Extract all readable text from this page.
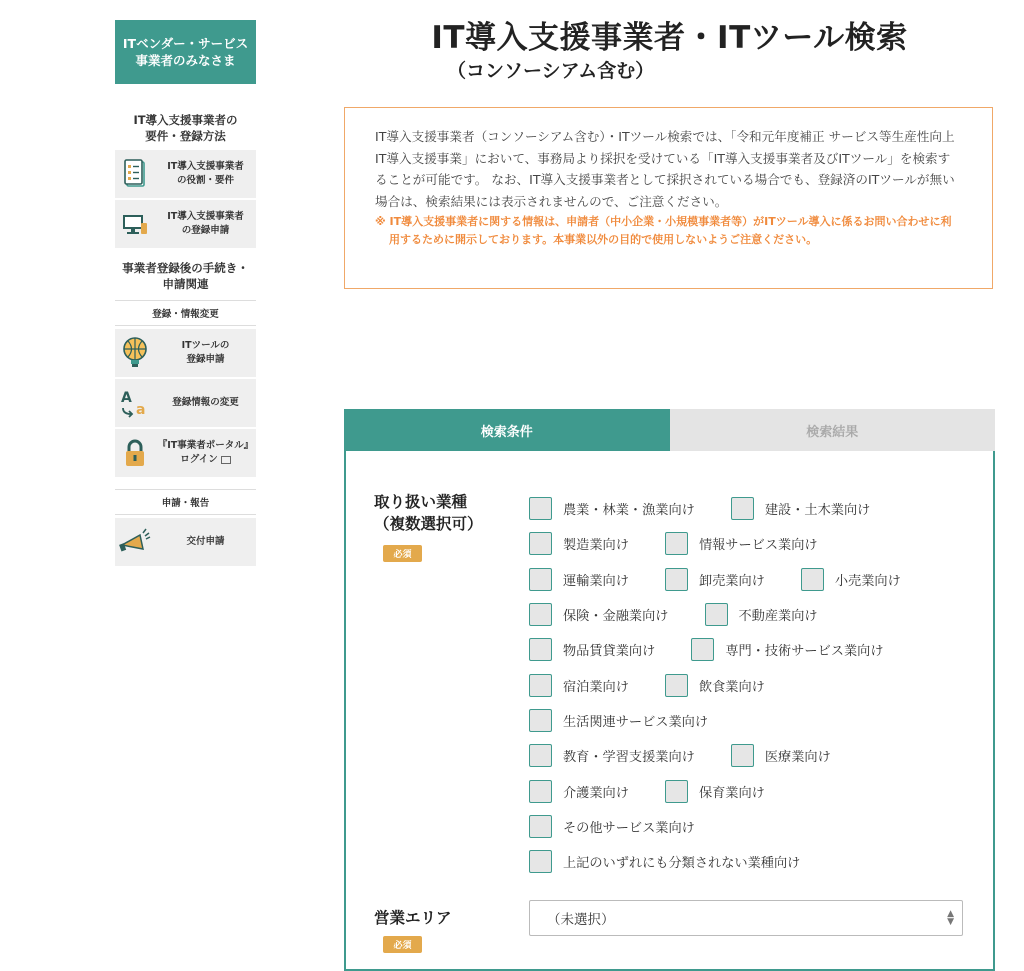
ITベンダー・サービス
事業者のみなさま
IT導入支援事業者の
要件・登録方法
IT導入支援事業者
の役割・要件
IT導入支援事業者
の登録申請
事業者登録後の手続き・
申請関連
登録・情報変更
ITツールの
登録申請
A
a	登録情報の変更
『IT事業者ポータル』
ログイン
申請・報告
交付申請
IT導入支援事業者・ITツール検索
（コンソーシアム含む）
IT導入支援事業者（コンソーシアム含む）・ITツール検索では、「令和元年度補正 サービス等生産性向上IT導入支援事業」において、事務局より採択を受けている「IT導入支援事業者及びITツール」を検索することが可能です。 なお、IT導入支援事業者として採択されている場合でも、登録済のITツールが無い場合は、検索結果には表示されませんので、ご注意ください。
※ IT導入支援事業者に関する情報は、申請者（中小企業・小規模事業者等）がITツール導入に係るお問い合わせに利用するために開示しております。本事業以外の目的で使用しないようご注意ください。
検索条件	検索結果
取り扱い業種
（複数選択可）
必須
農業・林業・漁業向け	建設・土木業向け
製造業向け	情報サービス業向け
運輸業向け	卸売業向け	小売業向け
保険・金融業向け	不動産業向け
物品賃貸業向け	専門・技術サービス業向け
宿泊業向け	飲食業向け
生活関連サービス業向け
教育・学習支援業向け	医療業向け
介護業向け	保育業向け
その他サービス業向け
上記のいずれにも分類されない業種向け
営業エリア
必須
（未選択）	▲
▼
